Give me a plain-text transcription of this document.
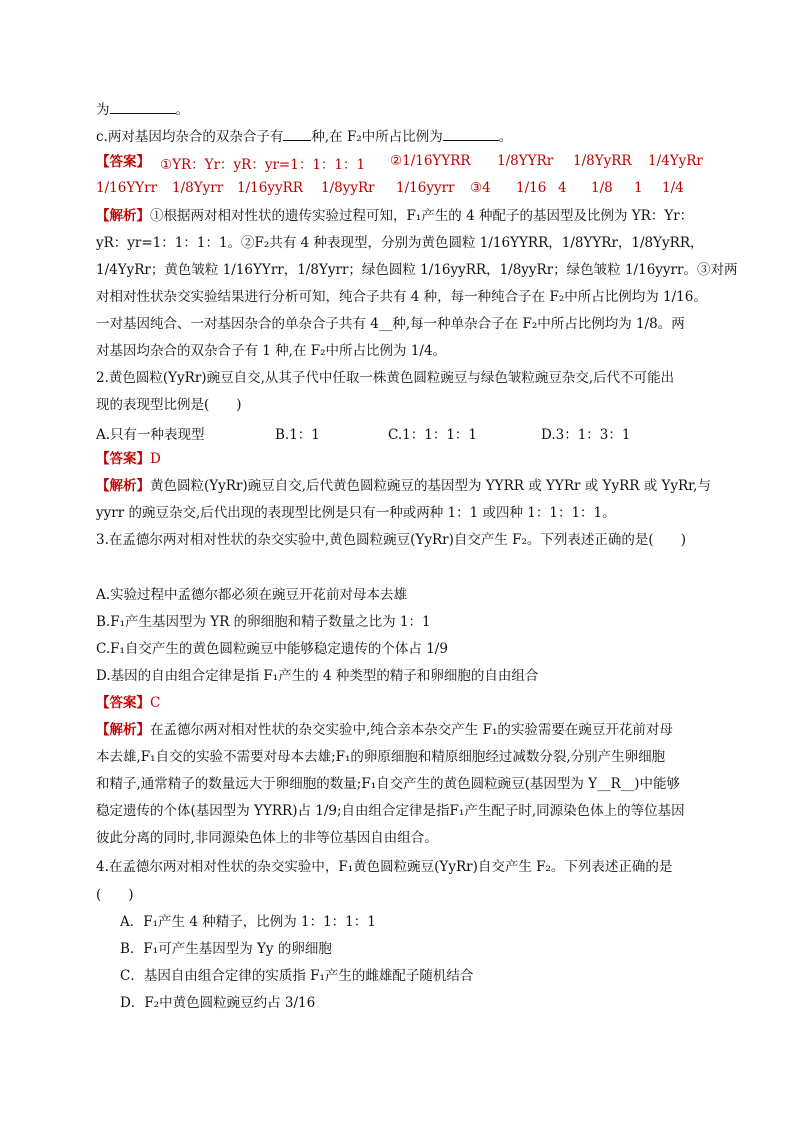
为	。
c.两对基因均杂合的双杂合子有 种,在 F₂中所占比例为	。
【答案】 ①YR：Yr：yR：yr=1：1：1：1 ②1/16YYRR 1/8YYRr 1/8YyRR 1/4YyRr
1/16YYrr 1/8Yyrr 1/16yyRR 1/8yyRr 1/16yyrr ③4 1/16 4 1/8 1 1/4
【解析】①根据两对相对性状的遗传实验过程可知，F₁产生的 4 种配子的基因型及比例为 YR：Yr：
yR：yr=1：1：1：1。②F₂共有 4 种表现型，分别为黄色圆粒 1/16YYRR，1/8YYRr，1/8YyRR，
1/4YyRr；黄色皱粒 1/16YYrr，1/8Yyrr；绿色圆粒 1/16yyRR，1/8yyRr；绿色皱粒 1/16yyrr。③对两
对相对性状杂交实验结果进行分析可知，纯合子共有 4 种，每一种纯合子在 F₂中所占比例均为 1/16。
一对基因纯合、一对基因杂合的单杂合子共有 4__种,每一种单杂合子在 F₂中所占比例均为 1/8。两
对基因均杂合的双杂合子有 1 种,在 F₂中所占比例为 1/4。
2.黄色圆粒(YyRr)豌豆自交,从其子代中任取一株黄色圆粒豌豆与绿色皱粒豌豆杂交,后代不可能出
现的表现型比例是(　　)
A.只有一种表现型	B.1：1	C.1：1：1：1	D.3：1：3：1
【答案】D
【解析】黄色圆粒(YyRr)豌豆自交,后代黄色圆粒豌豆的基因型为 YYRR 或 YYRr 或 YyRR 或 YyRr,与
yyrr 的豌豆杂交,后代出现的表现型比例是只有一种或两种 1：1 或四种 1：1：1：1。
3.在孟德尔两对相对性状的杂交实验中,黄色圆粒豌豆(YyRr)自交产生 F₂。下列表述正确的是(　　)
A.实验过程中孟德尔都必须在豌豆开花前对母本去雄
B.F₁产生基因型为 YR 的卵细胞和精子数量之比为 1：1
C.F₁自交产生的黄色圆粒豌豆中能够稳定遗传的个体占 1/9
D.基因的自由组合定律是指 F₁产生的 4 种类型的精子和卵细胞的自由组合
【答案】C
【解析】在孟德尔两对相对性状的杂交实验中,纯合亲本杂交产生 F₁的实验需要在豌豆开花前对母
本去雄,F₁自交的实验不需要对母本去雄;F₁的卵原细胞和精原细胞经过减数分裂,分别产生卵细胞
和精子,通常精子的数量远大于卵细胞的数量;F₁自交产生的黄色圆粒豌豆(基因型为 Y__R__)中能够
稳定遗传的个体(基因型为 YYRR)占 1/9;自由组合定律是指F₁产生配子时,同源染色体上的等位基因
彼此分离的同时,非同源染色体上的非等位基因自由组合。
4.在孟德尔两对相对性状的杂交实验中，F₁黄色圆粒豌豆(YyRr)自交产生 F₂。下列表述正确的是
(　　)
A．F₁产生 4 种精子，比例为 1：1：1：1
B．F₁可产生基因型为 Yy 的卵细胞
C．基因自由组合定律的实质指 F₁产生的雌雄配子随机结合
D．F₂中黄色圆粒豌豆约占 3/16
